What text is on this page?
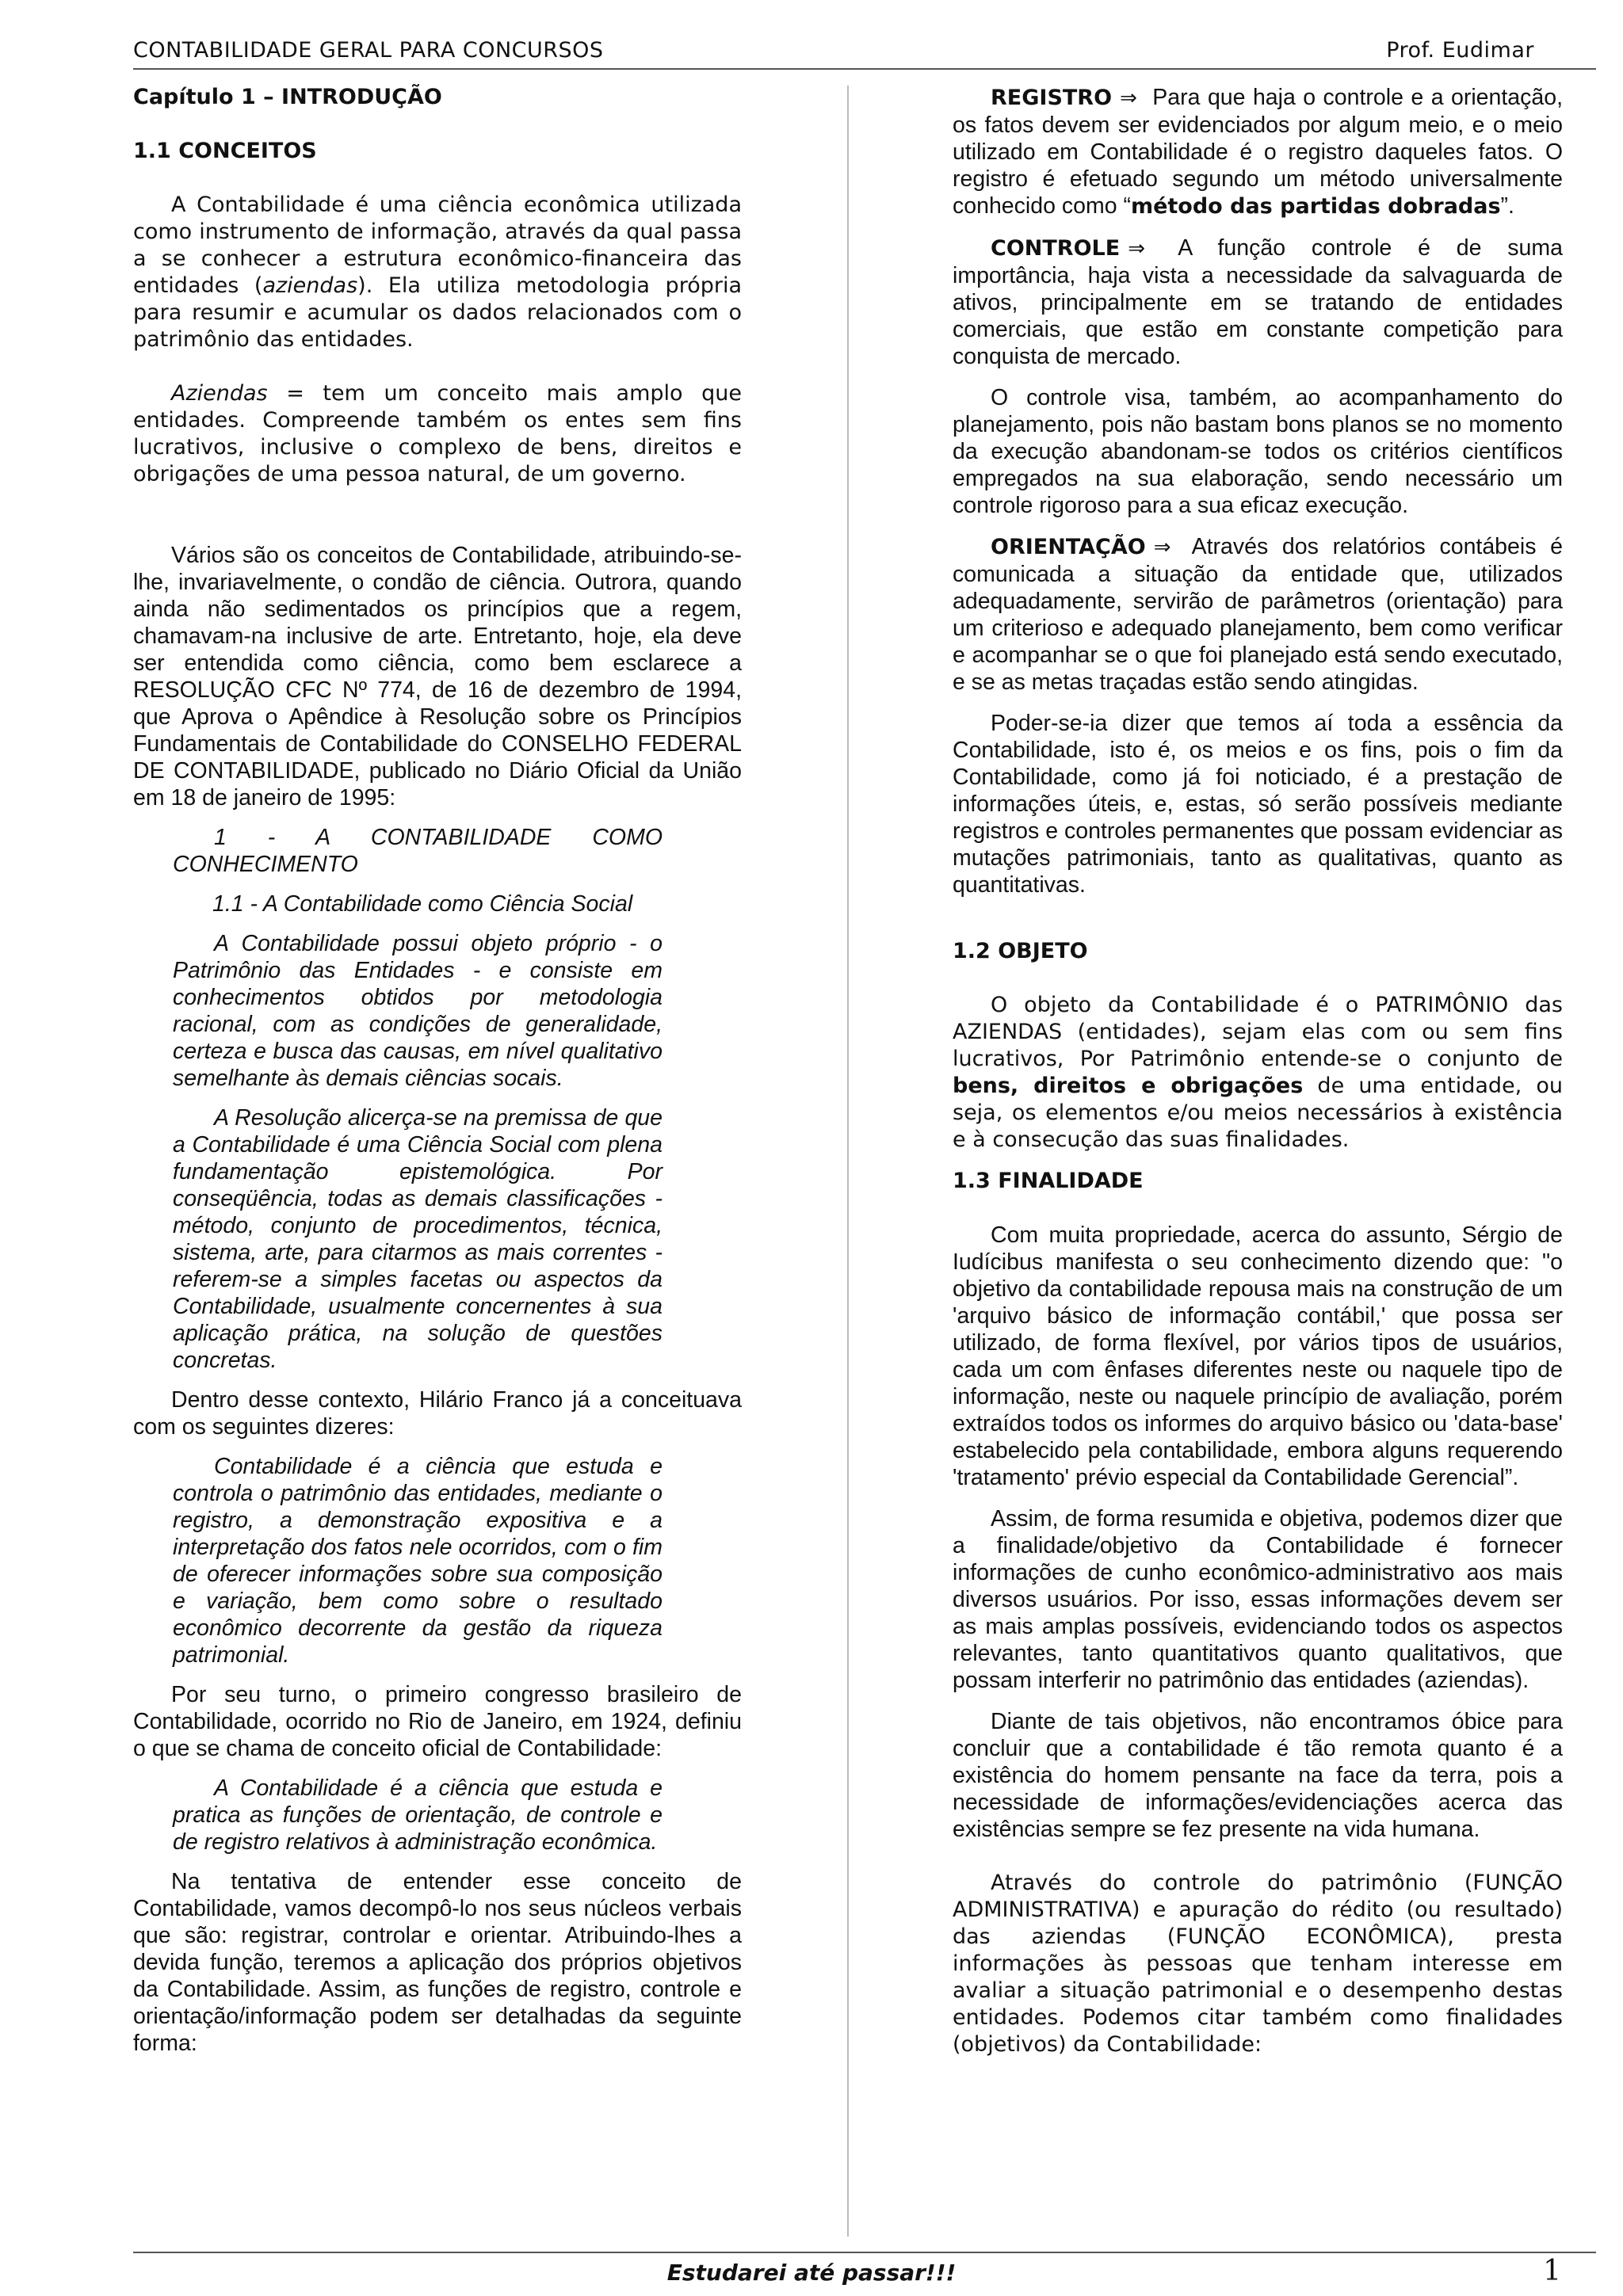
CONTABILIDADE GERAL PARA CONCURSOS	Prof. Eudimar

Capítulo 1 – INTRODUÇÃO

1.1 CONCEITOS

A Contabilidade é uma ciência econômica utilizada como instrumento de informação, através da qual passa a se conhecer a estrutura econômico-financeira das entidades (aziendas). Ela utiliza metodologia própria para resumir e acumular os dados relacionados com o patrimônio das entidades.

Aziendas = tem um conceito mais amplo que entidades. Compreende também os entes sem fins lucrativos, inclusive o complexo de bens, direitos e obrigações de uma pessoa natural, de um governo.

Vários são os conceitos de Contabilidade, atribuindo-se-lhe, invariavelmente, o condão de ciência. Outrora, quando ainda não sedimentados os princípios que a regem, chamavam-na inclusive de arte. Entretanto, hoje, ela deve ser entendida como ciência, como bem esclarece a RESOLUÇÃO CFC Nº 774, de 16 de dezembro de 1994, que Aprova o Apêndice à Resolução sobre os Princípios Fundamentais de Contabilidade do CONSELHO FEDERAL DE CONTABILIDADE, publicado no Diário Oficial da União em 18 de janeiro de 1995:

1 - A CONTABILIDADE COMO CONHECIMENTO

1.1 - A Contabilidade como Ciência Social

A Contabilidade possui objeto próprio - o Patrimônio das Entidades - e consiste em conhecimentos obtidos por metodologia racional, com as condições de generalidade, certeza e busca das causas, em nível qualitativo semelhante às demais ciências socais.

A Resolução alicerça-se na premissa de que a Contabilidade é uma Ciência Social com plena fundamentação epistemológica. Por conseqüência, todas as demais classificações - método, conjunto de procedimentos, técnica, sistema, arte, para citarmos as mais correntes - referem-se a simples facetas ou aspectos da Contabilidade, usualmente concernentes à sua aplicação prática, na solução de questões concretas.

Dentro desse contexto, Hilário Franco já a conceituava com os seguintes dizeres:

Contabilidade é a ciência que estuda e controla o patrimônio das entidades, mediante o registro, a demonstração expositiva e a interpretação dos fatos nele ocorridos, com o fim de oferecer informações sobre sua composição e variação, bem como sobre o resultado econômico decorrente da gestão da riqueza patrimonial.

Por seu turno, o primeiro congresso brasileiro de Contabilidade, ocorrido no Rio de Janeiro, em 1924, definiu o que se chama de conceito oficial de Contabilidade:

A Contabilidade é a ciência que estuda e pratica as funções de orientação, de controle e de registro relativos à administração econômica.

Na tentativa de entender esse conceito de Contabilidade, vamos decompô-lo nos seus núcleos verbais que são: registrar, controlar e orientar. Atribuindo-lhes a devida função, teremos a aplicação dos próprios objetivos da Contabilidade. Assim, as funções de registro, controle e orientação/informação podem ser detalhadas da seguinte forma:

REGISTRO ⇒ Para que haja o controle e a orientação, os fatos devem ser evidenciados por algum meio, e o meio utilizado em Contabilidade é o registro daqueles fatos. O registro é efetuado segundo um método universalmente conhecido como “método das partidas dobradas”.

CONTROLE ⇒ A função controle é de suma importância, haja vista a necessidade da salvaguarda de ativos, principalmente em se tratando de entidades comerciais, que estão em constante competição para conquista de mercado.

O controle visa, também, ao acompanhamento do planejamento, pois não bastam bons planos se no momento da execução abandonam-se todos os critérios científicos empregados na sua elaboração, sendo necessário um controle rigoroso para a sua eficaz execução.

ORIENTAÇÃO ⇒ Através dos relatórios contábeis é comunicada a situação da entidade que, utilizados adequadamente, servirão de parâmetros (orientação) para um criterioso e adequado planejamento, bem como verificar e acompanhar se o que foi planejado está sendo executado, e se as metas traçadas estão sendo atingidas.

Poder-se-ia dizer que temos aí toda a essência da Contabilidade, isto é, os meios e os fins, pois o fim da Contabilidade, como já foi noticiado, é a prestação de informações úteis, e, estas, só serão possíveis mediante registros e controles permanentes que possam evidenciar as mutações patrimoniais, tanto as qualitativas, quanto as quantitativas.

1.2 OBJETO

O objeto da Contabilidade é o PATRIMÔNIO das AZIENDAS (entidades), sejam elas com ou sem fins lucrativos, Por Patrimônio entende-se o conjunto de bens, direitos e obrigações de uma entidade, ou seja, os elementos e/ou meios necessários à existência e à consecução das suas finalidades.

1.3 FINALIDADE

Com muita propriedade, acerca do assunto, Sérgio de Iudícibus manifesta o seu conhecimento dizendo que: "o objetivo da contabilidade repousa mais na construção de um 'arquivo básico de informação contábil,' que possa ser utilizado, de forma flexível, por vários tipos de usuários, cada um com ênfases diferentes neste ou naquele tipo de informação, neste ou naquele princípio de avaliação, porém extraídos todos os informes do arquivo básico ou 'data-base' estabelecido pela contabilidade, embora alguns requerendo 'tratamento' prévio especial da Contabilidade Gerencial”.

Assim, de forma resumida e objetiva, podemos dizer que a finalidade/objetivo da Contabilidade é fornecer informações de cunho econômico-administrativo aos mais diversos usuários. Por isso, essas informações devem ser as mais amplas possíveis, evidenciando todos os aspectos relevantes, tanto quantitativos quanto qualitativos, que possam interferir no patrimônio das entidades (aziendas).

Diante de tais objetivos, não encontramos óbice para concluir que a contabilidade é tão remota quanto é a existência do homem pensante na face da terra, pois a necessidade de informações/evidenciações acerca das existências sempre se fez presente na vida humana.

Através do controle do patrimônio (FUNÇÃO ADMINISTRATIVA) e apuração do rédito (ou resultado) das aziendas (FUNÇÃO ECONÔMICA), presta informações às pessoas que tenham interesse em avaliar a situação patrimonial e o desempenho destas entidades. Podemos citar também como finalidades (objetivos) da Contabilidade:

Estudarei até passar!!!	1
